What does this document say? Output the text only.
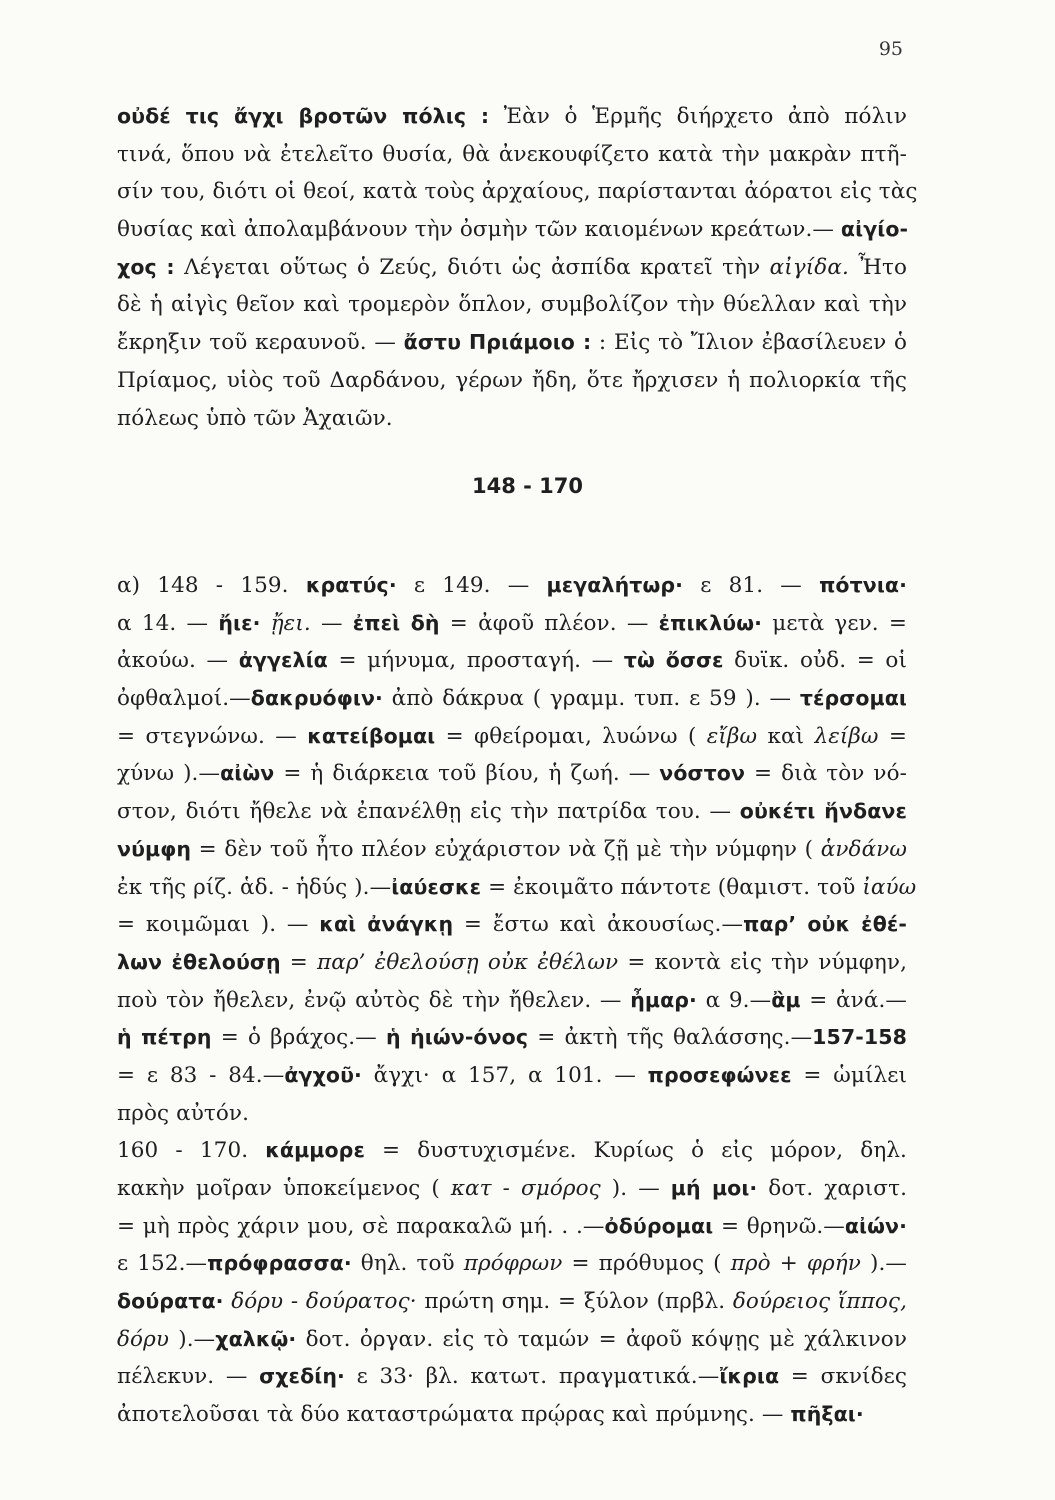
95
οὐδέ τις ἄγχι βροτῶν πόλις : Ἐὰν ὁ Ἑρμῆς διήρχετο ἀπὸ πόλιν
τινά, ὅπου νὰ ἐτελεῖτο θυσία, θὰ ἀνεκουφίζετο κατὰ τὴν μακρὰν πτῆ-
σίν του, διότι οἱ θεοί, κατὰ τοὺς ἀρχαίους, παρίστανται ἀόρατοι εἰς τὰς
θυσίας καὶ ἀπολαμβάνουν τὴν ὀσμὴν τῶν καιομένων κρεάτων.— αἰγίο-
χος : Λέγεται οὕτως ὁ Ζεύς, διότι ὡς ἀσπίδα κρατεῖ τὴν αἰγίδα. Ἦτο
δὲ ἡ αἰγὶς θεῖον καὶ τρομερὸν ὅπλον, συμβολίζον τὴν θύελλαν καὶ τὴν
ἔκρηξιν τοῦ κεραυνοῦ. — ἄστυ Πριάμοιο : : Εἰς τὸ Ἴλιον ἐβασίλευεν ὁ
Πρίαμος, υἱὸς τοῦ Δαρδάνου, γέρων ἤδη, ὅτε ἤρχισεν ἡ πολιορκία τῆς
πόλεως ὑπὸ τῶν Ἀχαιῶν.
148 - 170
α) 148 - 159. κρατύς· ε 149. — μεγαλήτωρ· ε 81. — πότνια·
α 14. — ἤιε· ᾔει. — ἐπεὶ δὴ = ἀφοῦ πλέον. — ἐπικλύω· μετὰ γεν. =
ἀκούω. — ἀγγελία = μήνυμα, προσταγή. — τὼ ὄσσε δυϊκ. οὐδ. = οἱ
ὀφθαλμοί.—δακρυόφιν· ἀπὸ δάκρυα ( γραμμ. τυπ. ε 59 ). — τέρσομαι
= στεγνώνω. — κατείβομαι = φθείρομαι, λυώνω ( εἴβω καὶ λείβω =
χύνω ).—αἰὼν = ἡ διάρκεια τοῦ βίου, ἡ ζωή. — νόστον = διὰ τὸν νό-
στον, διότι ἤθελε νὰ ἐπανέλθῃ εἰς τὴν πατρίδα του. — οὐκέτι ἥνδανε
νύμφη = δὲν τοῦ ἦτο πλέον εὐχάριστον νὰ ζῇ μὲ τὴν νύμφην ( ἁνδάνω
ἐκ τῆς ρίζ. ἁδ. - ἡδύς ).—ἰαύεσκε = ἐκοιμᾶτο πάντοτε (θαμιστ. τοῦ ἰαύω
= κοιμῶμαι ). — καὶ ἀνάγκῃ = ἔστω καὶ ἀκουσίως.—παρ’ οὐκ ἐθέ-
λων ἐθελούσῃ = παρ’ ἐθελούσῃ οὐκ ἐθέλων = κοντὰ εἰς τὴν νύμφην,
ποὺ τὸν ἤθελεν, ἐνῷ αὐτὸς δὲ τὴν ἤθελεν. — ἦμαρ· α 9.—ἂμ = ἀνά.—
ἡ πέτρη = ὁ βράχος.— ἡ ἠιών-όνος = ἀκτὴ τῆς θαλάσσης.—157-158
= ε 83 - 84.—ἀγχοῦ· ἄγχι· α 157, α 101. — προσεφώνεε = ὡμίλει
πρὸς αὐτόν.
160 - 170. κάμμορε = δυστυχισμένε. Κυρίως ὁ εἰς μόρον, δηλ.
κακὴν μοῖραν ὑποκείμενος ( κατ - σμόρος ). — μή μοι· δοτ. χαριστ.
= μὴ πρὸς χάριν μου, σὲ παρακαλῶ μή. . .—ὀδύρομαι = θρηνῶ.—αἰών·
ε 152.—πρόφρασσα· θηλ. τοῦ πρόφρων = πρόθυμος ( πρὸ + φρήν ).—
δούρατα· δόρυ - δούρατος· πρώτη σημ. = ξύλον (πρβλ. δούρειος ἵππος,
δόρυ ).—χαλκῷ· δοτ. ὀργαν. εἰς τὸ ταμών = ἀφοῦ κόψῃς μὲ χάλκινον
πέλεκυν. — σχεδίη· ε 33· βλ. κατωτ. πραγματικά.—ἴκρια = σκνίδες
ἀποτελοῦσαι τὰ δύο καταστρώματα πρῴρας καὶ πρύμνης. — πῆξαι·
